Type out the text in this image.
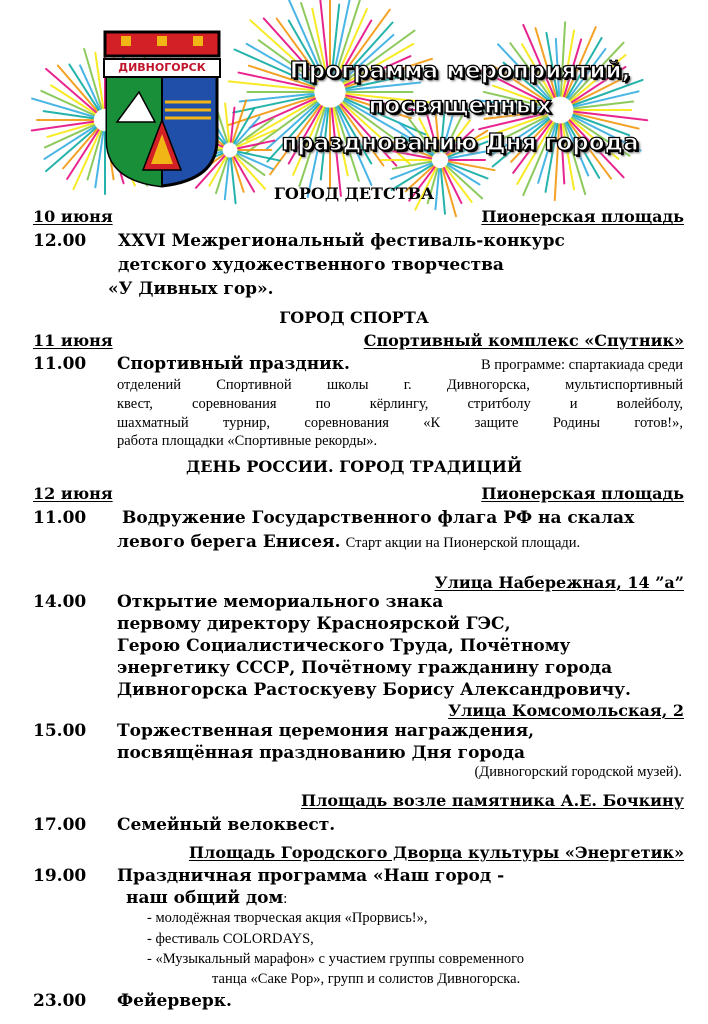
ДИВНОГОРСК	Программа мероприятий,
посвященных
празднованию Дня города
ГОРОД ДЕТСТВА
10 июня	Пионерская площадь
12.00 XXVI Межрегиональный фестиваль-конкурс
детского художественного творчества
«У Дивных гор».
ГОРОД СПОРТА
11 июня	Спортивный комплекс «Спутник»
11.00 Спортивный праздник.	В программе: спартакиада среди
отделений Спортивной школы г. Дивногорска, мультиспортивный
квест, соревнования по кёрлингу, стритболу и волейболу,
шахматный турнир, соревнования «К защите Родины готов!»,
работа площадки «Спортивные рекорды».
ДЕНЬ РОССИИ. ГОРОД ТРАДИЦИЙ
12 июня	Пионерская площадь
11.00 Водружение Государственного флага РФ на скалах
левого берега Енисея. Старт акции на Пионерской площади.
Улица Набережная, 14 ”а”
14.00 Открытие мемориального знака
первому директору Красноярской ГЭС,
Герою Социалистического Труда, Почётному
энергетику СССР, Почётному гражданину города
Дивногорска Растоскуеву Борису Александровичу.
Улица Комсомольская, 2
15.00 Торжественная церемония награждения,
посвящённая празднованию Дня города
(Дивногорский городской музей).
Площадь возле памятника А.Е. Бочкину
17.00 Семейный велоквест.
Площадь Городского Дворца культуры «Энергетик»
19.00 Праздничная программа «Наш город -
наш общий дом:
- молодёжная творческая акция «Прорвись!»,
- фестиваль COLORDAYS,
- «Музыкальный марафон» с участием группы современного
танца «Саке Pop», групп и солистов Дивногорска.
23.00 Фейерверк.
